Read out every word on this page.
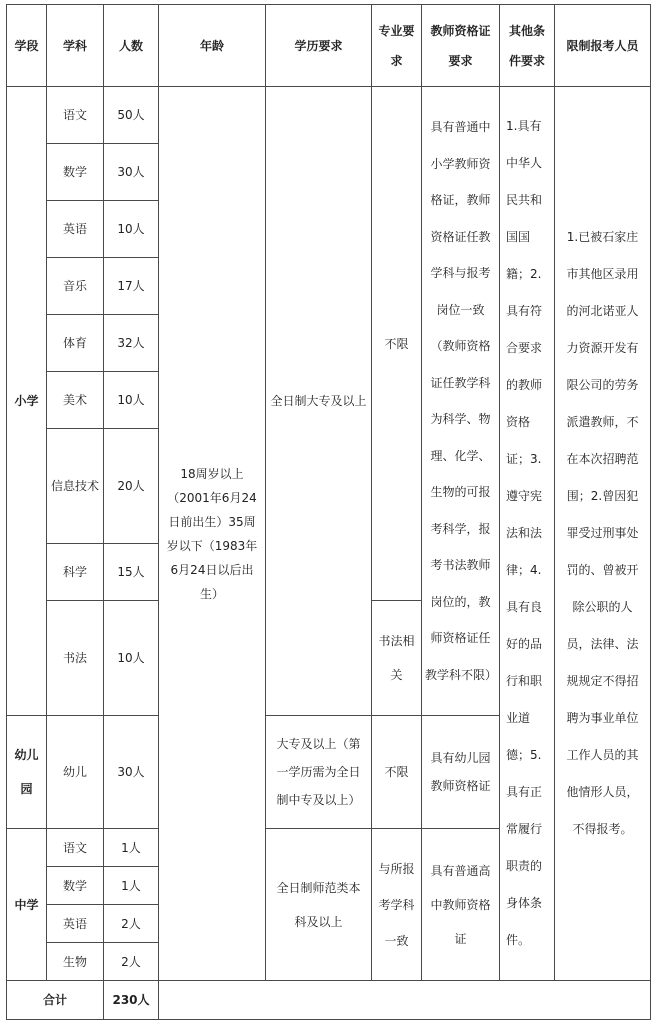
学段	学科	人数	年龄	学历要求	专业要求	教师资格证要求	其他条件要求	限制报考人员
小学	语文	50人	18周岁以上（2001年6月24日前出生）35周岁以下（1983年6月24日以后出生）	全日制大专及以上	不限	具有普通中小学教师资格证，教师资格证任教学科与报考岗位一致（教师资格证任教学科为科学、物理、化学、生物的可报考科学，报考书法教师岗位的，教师资格证任教学科不限）	1.具有中华人民共和国国籍；2.具有符合要求的教师资格证；3.遵守宪法和法律；4.具有良好的品行和职业道德；5.具有正常履行职责的身体条件。	1.已被石家庄市其他区录用的河北诺亚人力资源开发有限公司的劳务派遣教师，不在本次招聘范围；2.曾因犯罪受过刑事处罚的、曾被开除公职的人员，法律、法规规定不得招聘为事业单位工作人员的其他情形人员，不得报考。
	数学	30人						
	英语	10人						
	音乐	17人						
	体育	32人						
	美术	10人						
	信息技术	20人						
	科学	15人						
	书法	10人			书法相关			
幼儿园	幼儿	30人		大专及以上（第一学历需为全日制中专及以上）	不限	具有幼儿园教师资格证		
中学	语文	1人		全日制师范类本科及以上	与所报考学科一致	具有普通高中教师资格证		
	数学	1人						
	英语	2人						
	生物	2人						
合计		230人						
